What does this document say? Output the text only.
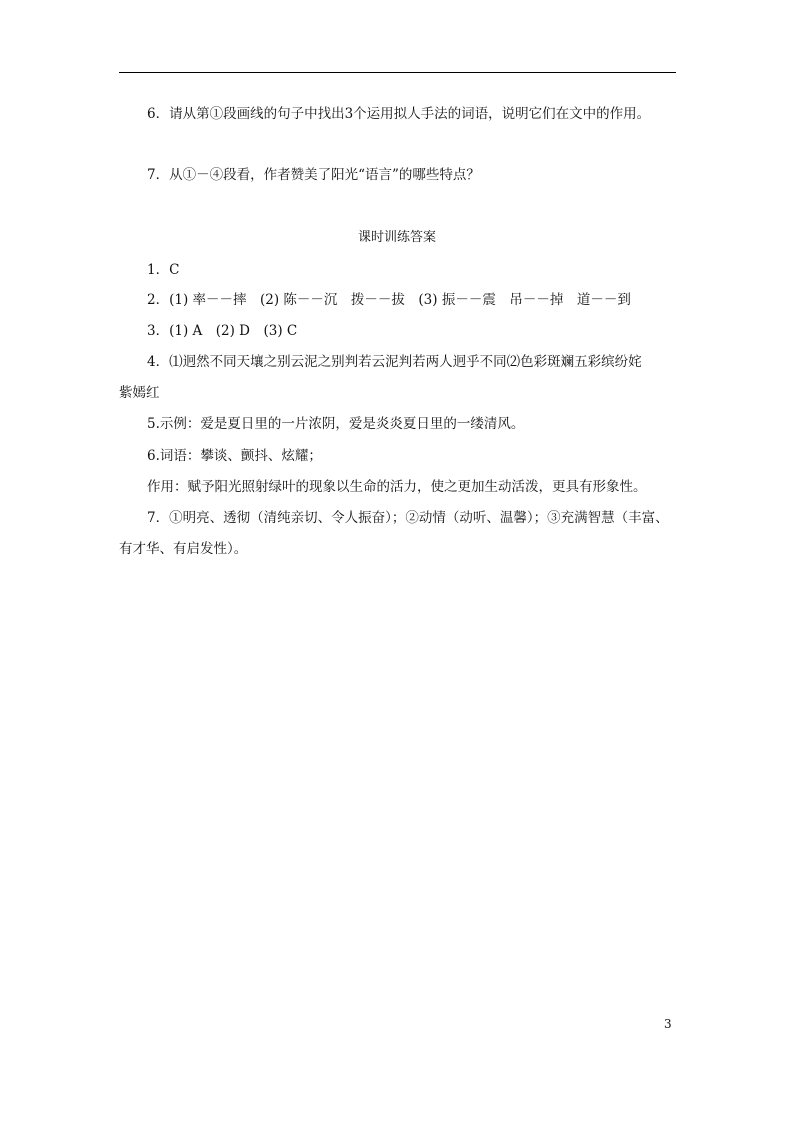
6．请从第①段画线的句子中找出3个运用拟人手法的词语，说明它们在文中的作用。
7．从①－④段看，作者赞美了阳光“语言”的哪些特点？
课时训练答案
1．C
2．(1) 率－－摔　(2) 陈－－沉　拨－－拔　(3) 振－－震　吊－－掉　道－－到
3．(1) A　(2) D　(3) C
4．⑴迥然不同天壤之别云泥之别判若云泥判若两人迥乎不同⑵色彩斑斓五彩缤纷姹
紫嫣红
5.示例：爱是夏日里的一片浓阴，爱是炎炎夏日里的一缕清风。
6.词语：攀谈、颤抖、炫耀；
作用：赋予阳光照射绿叶的现象以生命的活力，使之更加生动活泼，更具有形象性。
7．①明亮、透彻（清纯亲切、令人振奋）；②动情（动听、温馨）；③充满智慧（丰富、
有才华、有启发性）。
3
